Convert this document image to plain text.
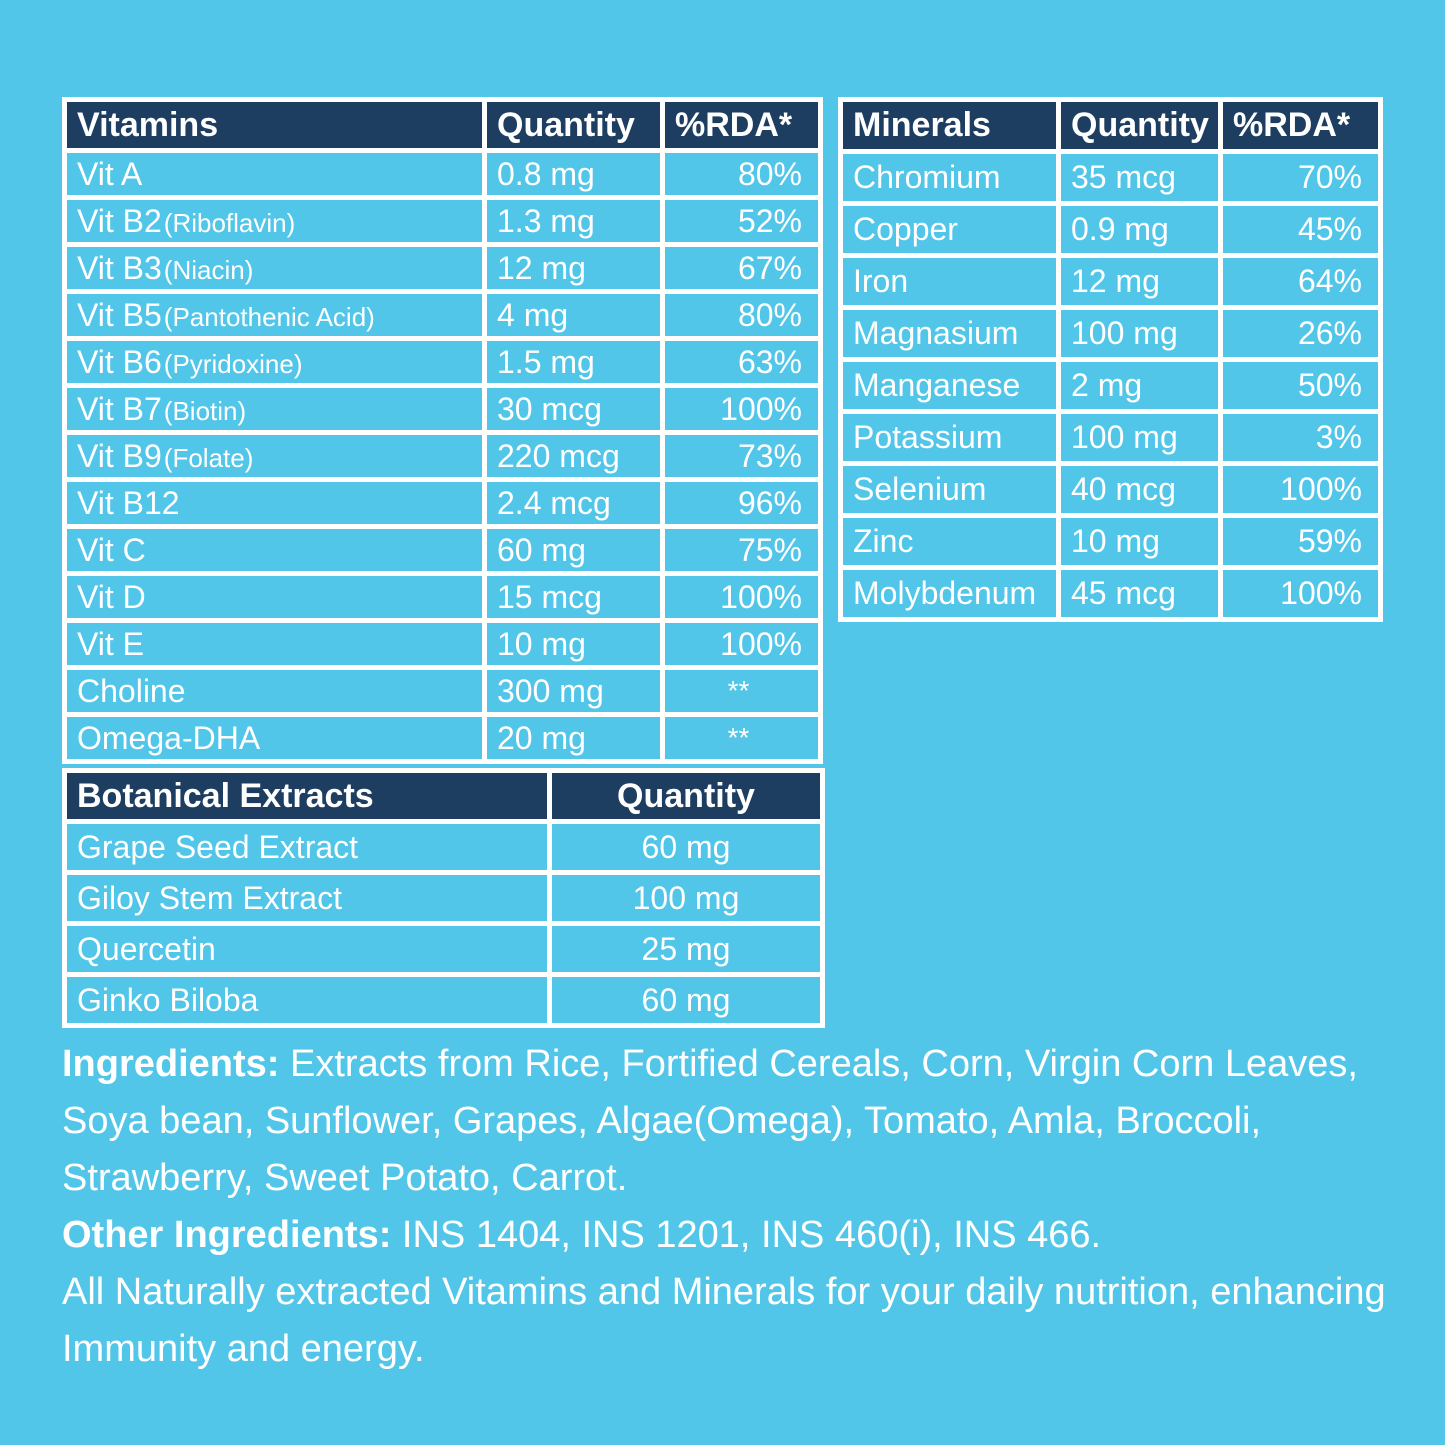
Vitamins	Quantity	%RDA*
Vit A	0.8 mg	80%
Vit B2(Riboflavin)	1.3 mg	52%
Vit B3(Niacin)	12 mg	67%
Vit B5(Pantothenic Acid)	4 mg	80%
Vit B6(Pyridoxine)	1.5 mg	63%
Vit B7(Biotin)	30 mcg	100%
Vit B9(Folate)	220 mcg	73%
Vit B12	2.4 mcg	96%
Vit C	60 mg	75%
Vit D	15 mcg	100%
Vit E	10 mg	100%
Choline	300 mg	**
Omega-DHA	20 mg	**
Minerals	Quantity	%RDA*
Chromium	35 mcg	70%
Copper	0.9 mg	45%
Iron	12 mg	64%
Magnasium	100 mg	26%
Manganese	2 mg	50%
Potassium	100 mg	3%
Selenium	40 mcg	100%
Zinc	10 mg	59%
Molybdenum	45 mcg	100%
Botanical Extracts	Quantity
Grape Seed Extract	60 mg
Giloy Stem Extract	100 mg
Quercetin	25 mg
Ginko Biloba	60 mg

Ingredients: Extracts from Rice, Fortified Cereals, Corn, Virgin Corn Leaves, Soya bean, Sunflower, Grapes, Algae(Omega), Tomato, Amla, Broccoli, Strawberry, Sweet Potato, Carrot.

Other Ingredients: INS 1404, INS 1201, INS 460(i), INS 466.

All Naturally extracted Vitamins and Minerals for your daily nutrition, enhancing Immunity and energy.
